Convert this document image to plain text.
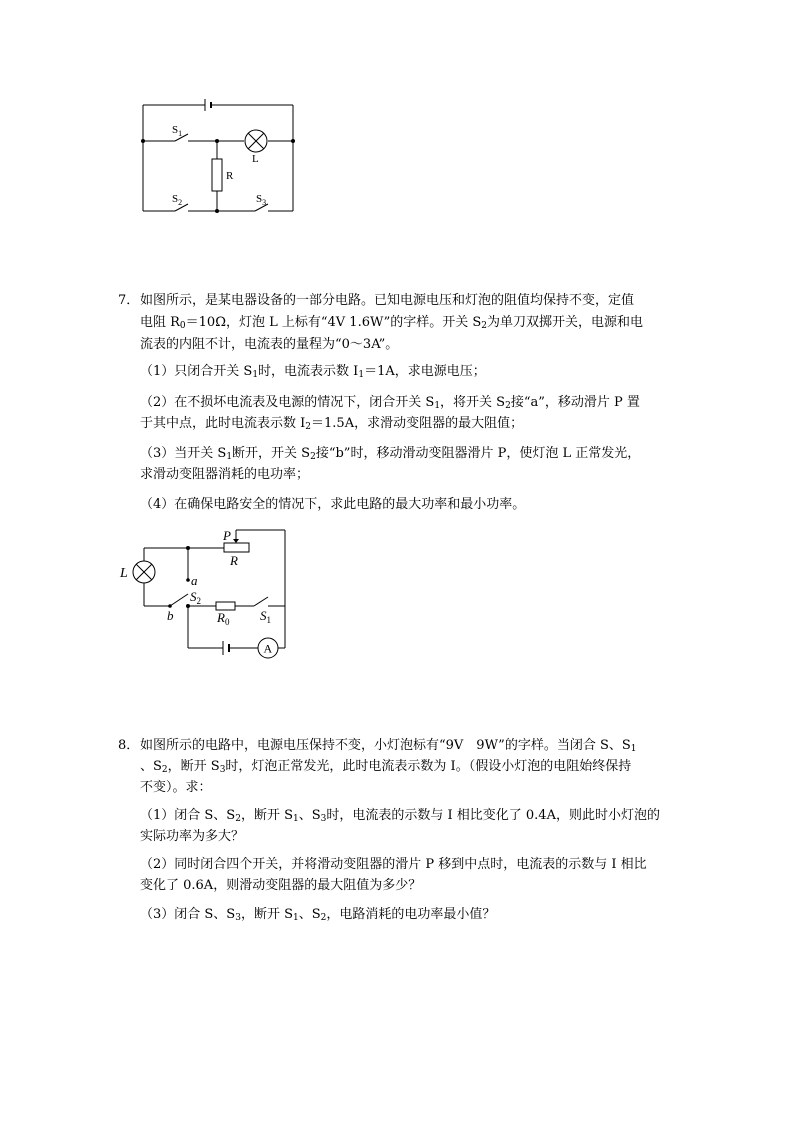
$S_1$
L
R
$S_2$	$S_3$
7． 如图所示，是某电器设备的一部分电路。已知电源电压和灯泡的阻值均保持不变，定值
电阻 $R_0=10\Omega$，灯泡 L 上标有“4V 1.6W”的字样。开关 $S_2$为单刀双掷开关，电源和电
流表的内阻不计，电流表的量程为“0～3A”。
（1）只闭合开关 $S_1$时，电流表示数 $I_1=1A$，求电源电压；
（2）在不损坏电流表及电源的情况下，闭合开关 $S_1$，将开关 $S_2$接“a”，移动滑片 P 置
于其中点，此时电流表示数 $I_2=1.5A$，求滑动变阻器的最大阻值；
（3）当开关 $S_1$断开，开关 $S_2$接“b”时，移动滑动变阻器滑片 P，使灯泡 L 正常发光，
求滑动变阻器消耗的电功率；
（4）在确保电路安全的情况下，求此电路的最大功率和最小功率。
A
L
P
R
a
$S_2$
b	$R_0$ $S_1$
8． 如图所示的电路中，电源电压保持不变，小灯泡标有“9V　9W”的字样。当闭合 S、$S_1$
、$S_2$，断开 $S_3$时，灯泡正常发光，此时电流表示数为 I。（假设小灯泡的电阻始终保持
不变）。求：
（1）闭合 S、$S_2$，断开 $S_1$、$S_3$时，电流表的示数与 I 相比变化了 0.4A，则此时小灯泡的
实际功率为多大？
（2）同时闭合四个开关，并将滑动变阻器的滑片 P 移到中点时，电流表的示数与 I 相比
变化了 0.6A，则滑动变阻器的最大阻值为多少？
（3）闭合 S、$S_3$，断开 $S_1$、$S_2$，电路消耗的电功率最小值？
